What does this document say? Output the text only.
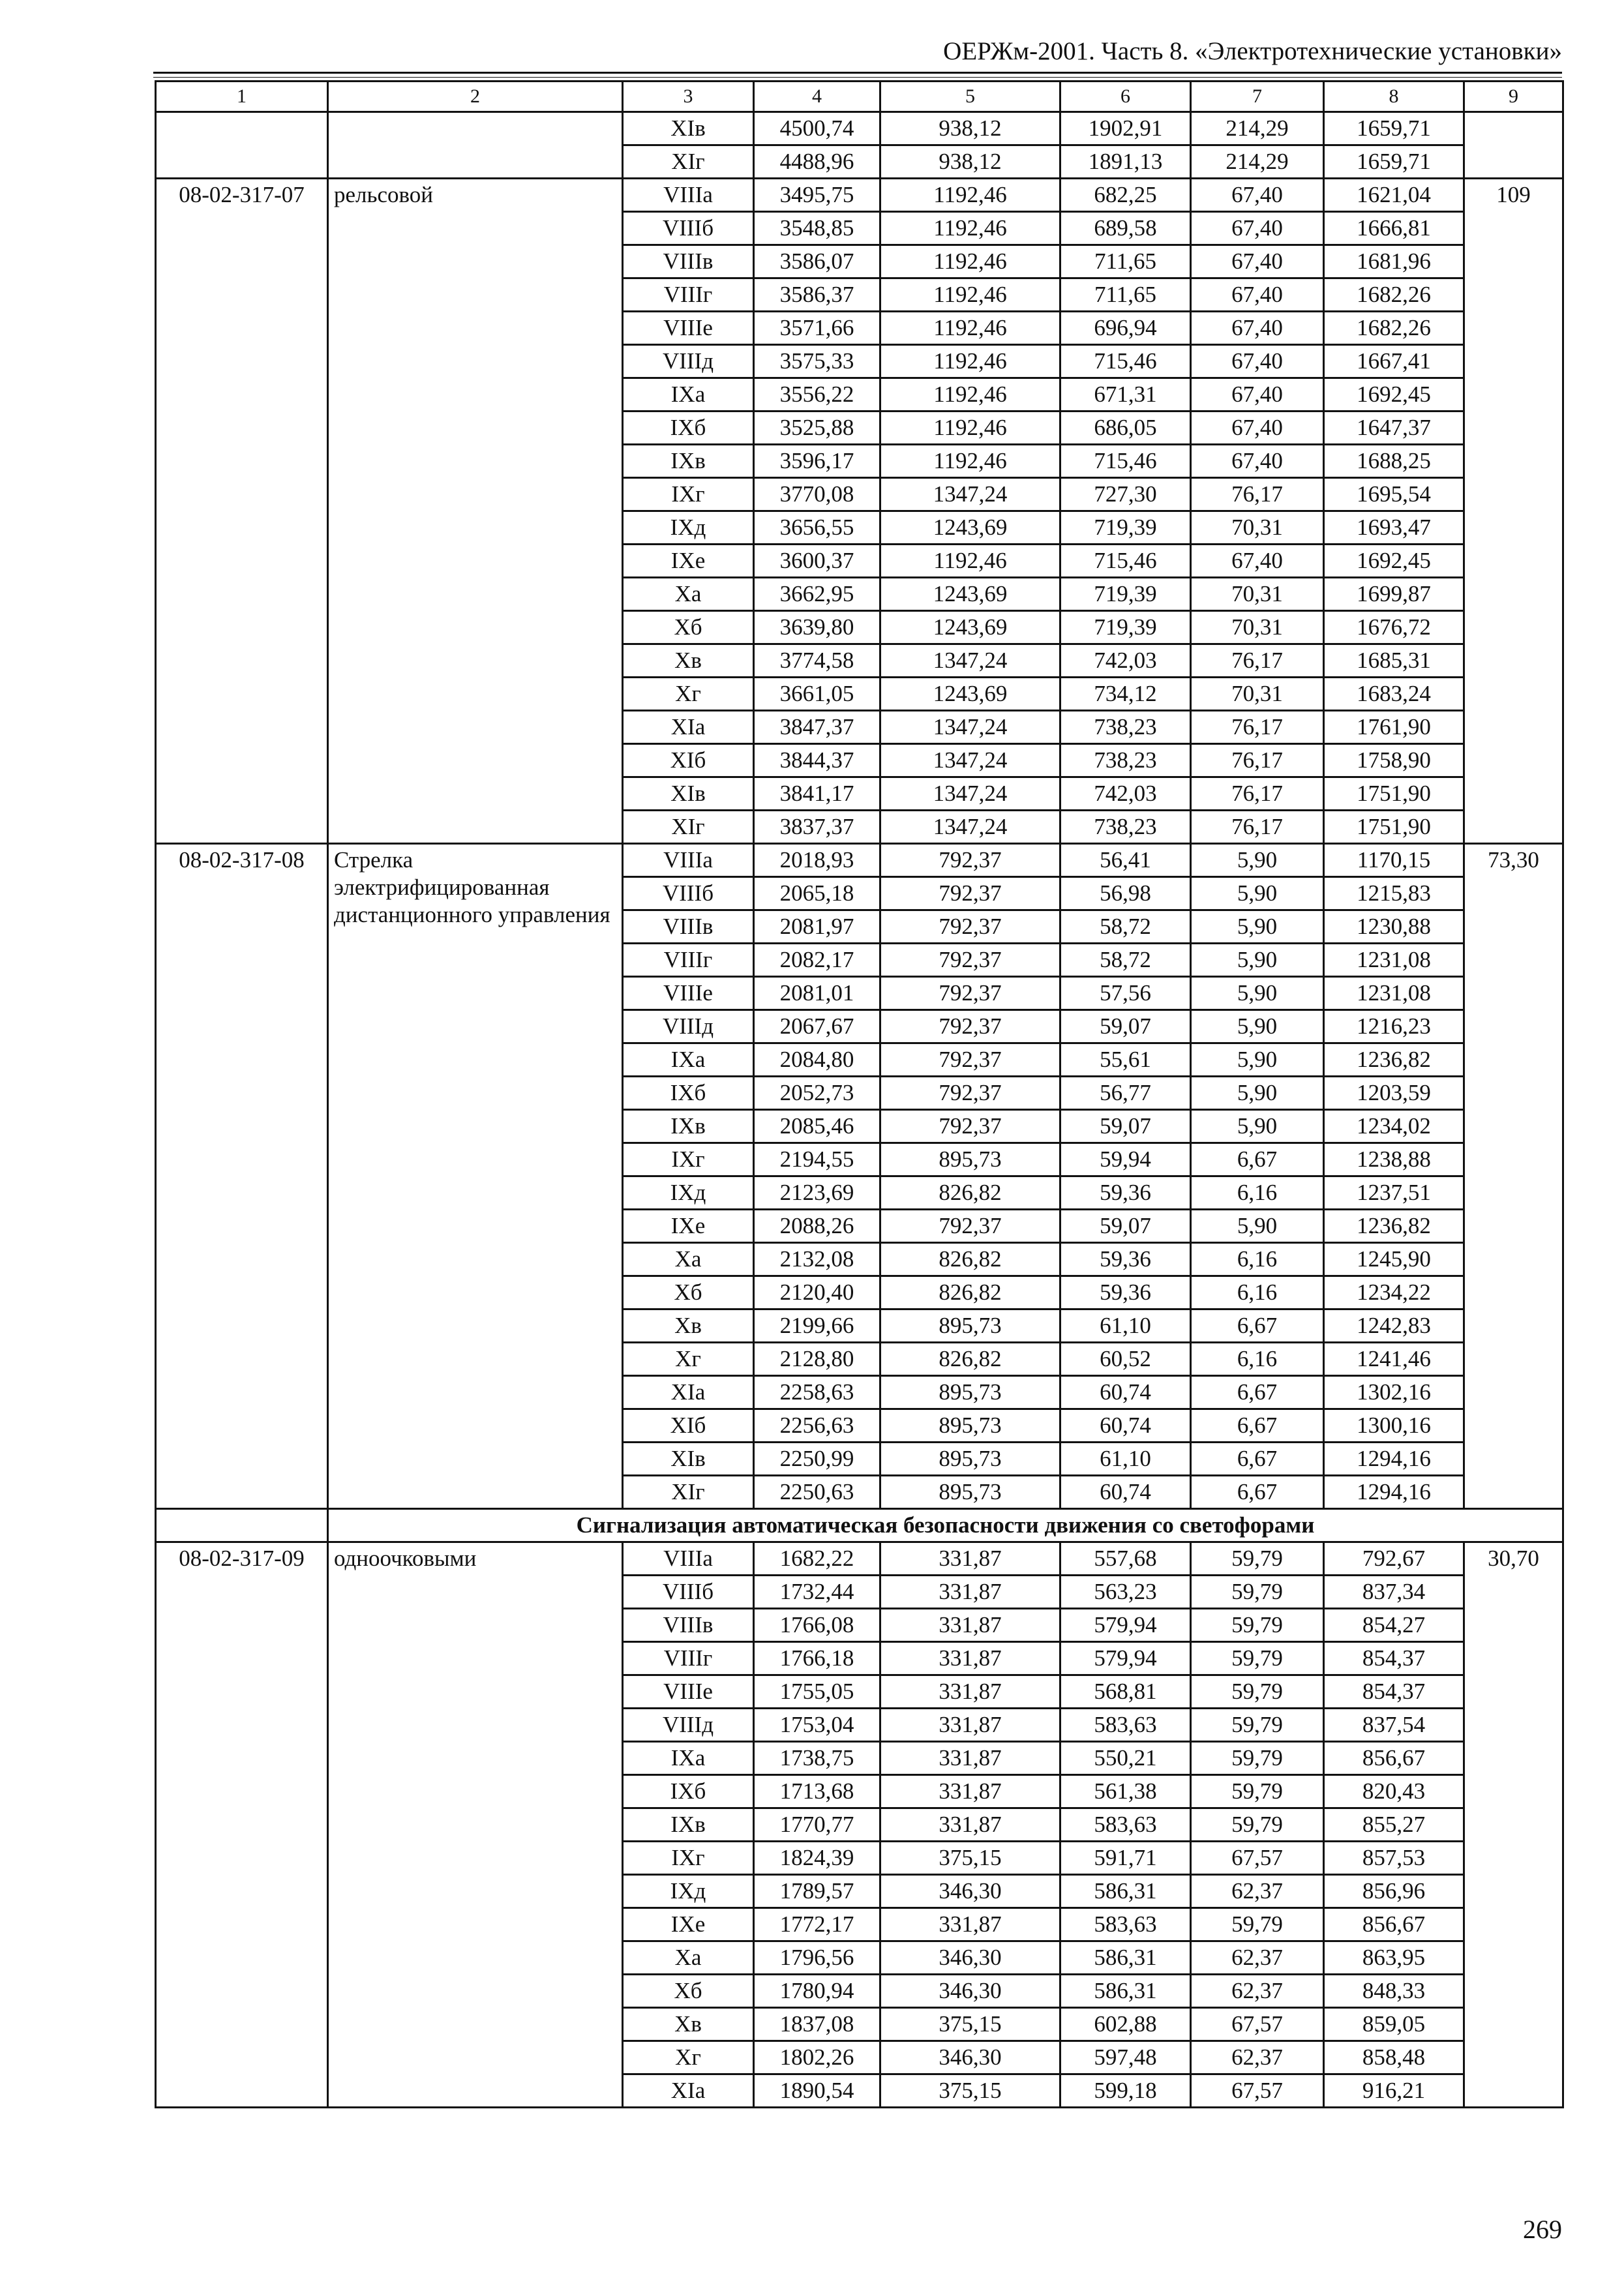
ОЕРЖм-2001. Часть 8. «Электротехнические установки»
1	2	3	4	5	6	7	8	9
		XIв	4500,74	938,12	1902,91	214,29	1659,71	
		XIг	4488,96	938,12	1891,13	214,29	1659,71	
08-02-317-07	рельсовой	VIIIа	3495,75	1192,46	682,25	67,40	1621,04	109
		VIIIб	3548,85	1192,46	689,58	67,40	1666,81	
		VIIIв	3586,07	1192,46	711,65	67,40	1681,96	
		VIIIг	3586,37	1192,46	711,65	67,40	1682,26	
		VIIIе	3571,66	1192,46	696,94	67,40	1682,26	
		VIIIд	3575,33	1192,46	715,46	67,40	1667,41	
		IXа	3556,22	1192,46	671,31	67,40	1692,45	
		IXб	3525,88	1192,46	686,05	67,40	1647,37	
		IXв	3596,17	1192,46	715,46	67,40	1688,25	
		IXг	3770,08	1347,24	727,30	76,17	1695,54	
		IXд	3656,55	1243,69	719,39	70,31	1693,47	
		IXе	3600,37	1192,46	715,46	67,40	1692,45	
		Xа	3662,95	1243,69	719,39	70,31	1699,87	
		Xб	3639,80	1243,69	719,39	70,31	1676,72	
		Xв	3774,58	1347,24	742,03	76,17	1685,31	
		Xг	3661,05	1243,69	734,12	70,31	1683,24	
		XIа	3847,37	1347,24	738,23	76,17	1761,90	
		XIб	3844,37	1347,24	738,23	76,17	1758,90	
		XIв	3841,17	1347,24	742,03	76,17	1751,90	
		XIг	3837,37	1347,24	738,23	76,17	1751,90	
08-02-317-08	Стрелка электрифицированная дистанционного управления	VIIIа	2018,93	792,37	56,41	5,90	1170,15	73,30
		VIIIб	2065,18	792,37	56,98	5,90	1215,83	
		VIIIв	2081,97	792,37	58,72	5,90	1230,88	
		VIIIг	2082,17	792,37	58,72	5,90	1231,08	
		VIIIе	2081,01	792,37	57,56	5,90	1231,08	
		VIIIд	2067,67	792,37	59,07	5,90	1216,23	
		IXа	2084,80	792,37	55,61	5,90	1236,82	
		IXб	2052,73	792,37	56,77	5,90	1203,59	
		IXв	2085,46	792,37	59,07	5,90	1234,02	
		IXг	2194,55	895,73	59,94	6,67	1238,88	
		IXд	2123,69	826,82	59,36	6,16	1237,51	
		IXе	2088,26	792,37	59,07	5,90	1236,82	
		Xа	2132,08	826,82	59,36	6,16	1245,90	
		Xб	2120,40	826,82	59,36	6,16	1234,22	
		Xв	2199,66	895,73	61,10	6,67	1242,83	
		Xг	2128,80	826,82	60,52	6,16	1241,46	
		XIа	2258,63	895,73	60,74	6,67	1302,16	
		XIб	2256,63	895,73	60,74	6,67	1300,16	
		XIв	2250,99	895,73	61,10	6,67	1294,16	
		XIг	2250,63	895,73	60,74	6,67	1294,16	
	Сигнализация автоматическая безопасности движения со светофорами							
08-02-317-09	одноочковыми	VIIIа	1682,22	331,87	557,68	59,79	792,67	30,70
		VIIIб	1732,44	331,87	563,23	59,79	837,34	
		VIIIв	1766,08	331,87	579,94	59,79	854,27	
		VIIIг	1766,18	331,87	579,94	59,79	854,37	
		VIIIе	1755,05	331,87	568,81	59,79	854,37	
		VIIIд	1753,04	331,87	583,63	59,79	837,54	
		IXа	1738,75	331,87	550,21	59,79	856,67	
		IXб	1713,68	331,87	561,38	59,79	820,43	
		IXв	1770,77	331,87	583,63	59,79	855,27	
		IXг	1824,39	375,15	591,71	67,57	857,53	
		IXд	1789,57	346,30	586,31	62,37	856,96	
		IXе	1772,17	331,87	583,63	59,79	856,67	
		Xа	1796,56	346,30	586,31	62,37	863,95	
		Xб	1780,94	346,30	586,31	62,37	848,33	
		Xв	1837,08	375,15	602,88	67,57	859,05	
		Xг	1802,26	346,30	597,48	62,37	858,48	
		XIа	1890,54	375,15	599,18	67,57	916,21	
269
